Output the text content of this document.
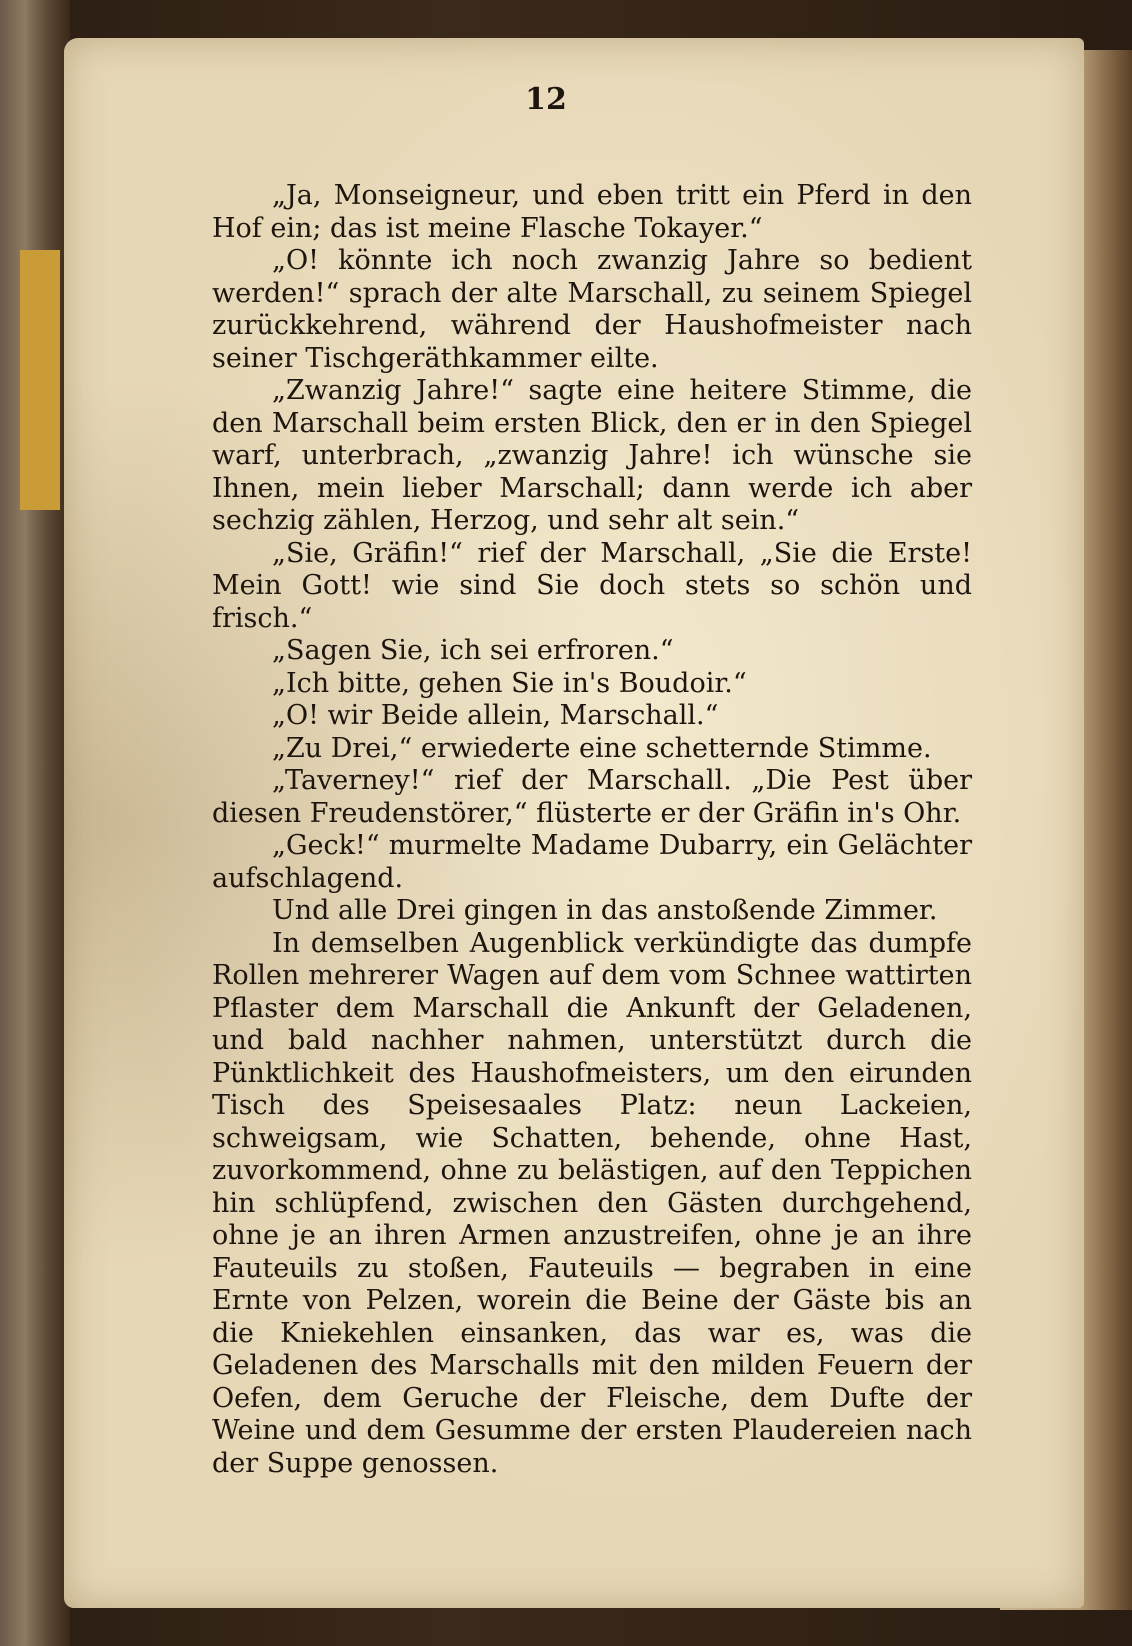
12

„Ja, Monseigneur, und eben tritt ein Pferd in den Hof ein; das ist meine Flasche Tokayer.“

„O! könnte ich noch zwanzig Jahre so bedient werden!“ sprach der alte Marschall, zu seinem Spiegel zurückkehrend, während der Haushofmeister nach seiner Tischgeräthkammer eilte.

„Zwanzig Jahre!“ sagte eine heitere Stimme, die den Marschall beim ersten Blick, den er in den Spiegel warf, unterbrach, „zwanzig Jahre! ich wünsche sie Ihnen, mein lieber Marschall; dann werde ich aber sechzig zählen, Herzog, und sehr alt sein.“

„Sie, Gräfin!“ rief der Marschall, „Sie die Erste! Mein Gott! wie sind Sie doch stets so schön und frisch.“

„Sagen Sie, ich sei erfroren.“

„Ich bitte, gehen Sie in's Boudoir.“

„O! wir Beide allein, Marschall.“

„Zu Drei,“ erwiederte eine schetternde Stimme.

„Taverney!“ rief der Marschall. „Die Pest über diesen Freudenstörer,“ flüsterte er der Gräfin in's Ohr.

„Geck!“ murmelte Madame Dubarry, ein Gelächter aufschlagend.

Und alle Drei gingen in das anstoßende Zimmer.

In demselben Augenblick verkündigte das dumpfe Rollen mehrerer Wagen auf dem vom Schnee wattirten Pflaster dem Marschall die Ankunft der Geladenen, und bald nachher nahmen, unterstützt durch die Pünktlichkeit des Haushofmeisters, um den eirunden Tisch des Speisesaales Platz: neun Lackeien, schweigsam, wie Schatten, behende, ohne Hast, zuvorkommend, ohne zu belästigen, auf den Teppichen hin schlüpfend, zwischen den Gästen durchgehend, ohne je an ihren Armen anzustreifen, ohne je an ihre Fauteuils zu stoßen, Fauteuils — begraben in eine Ernte von Pelzen, worein die Beine der Gäste bis an die Kniekehlen einsanken, das war es, was die Geladenen des Marschalls mit den milden Feuern der Oefen, dem Geruche der Fleische, dem Dufte der Weine und dem Gesumme der ersten Plaudereien nach der Suppe genossen.
